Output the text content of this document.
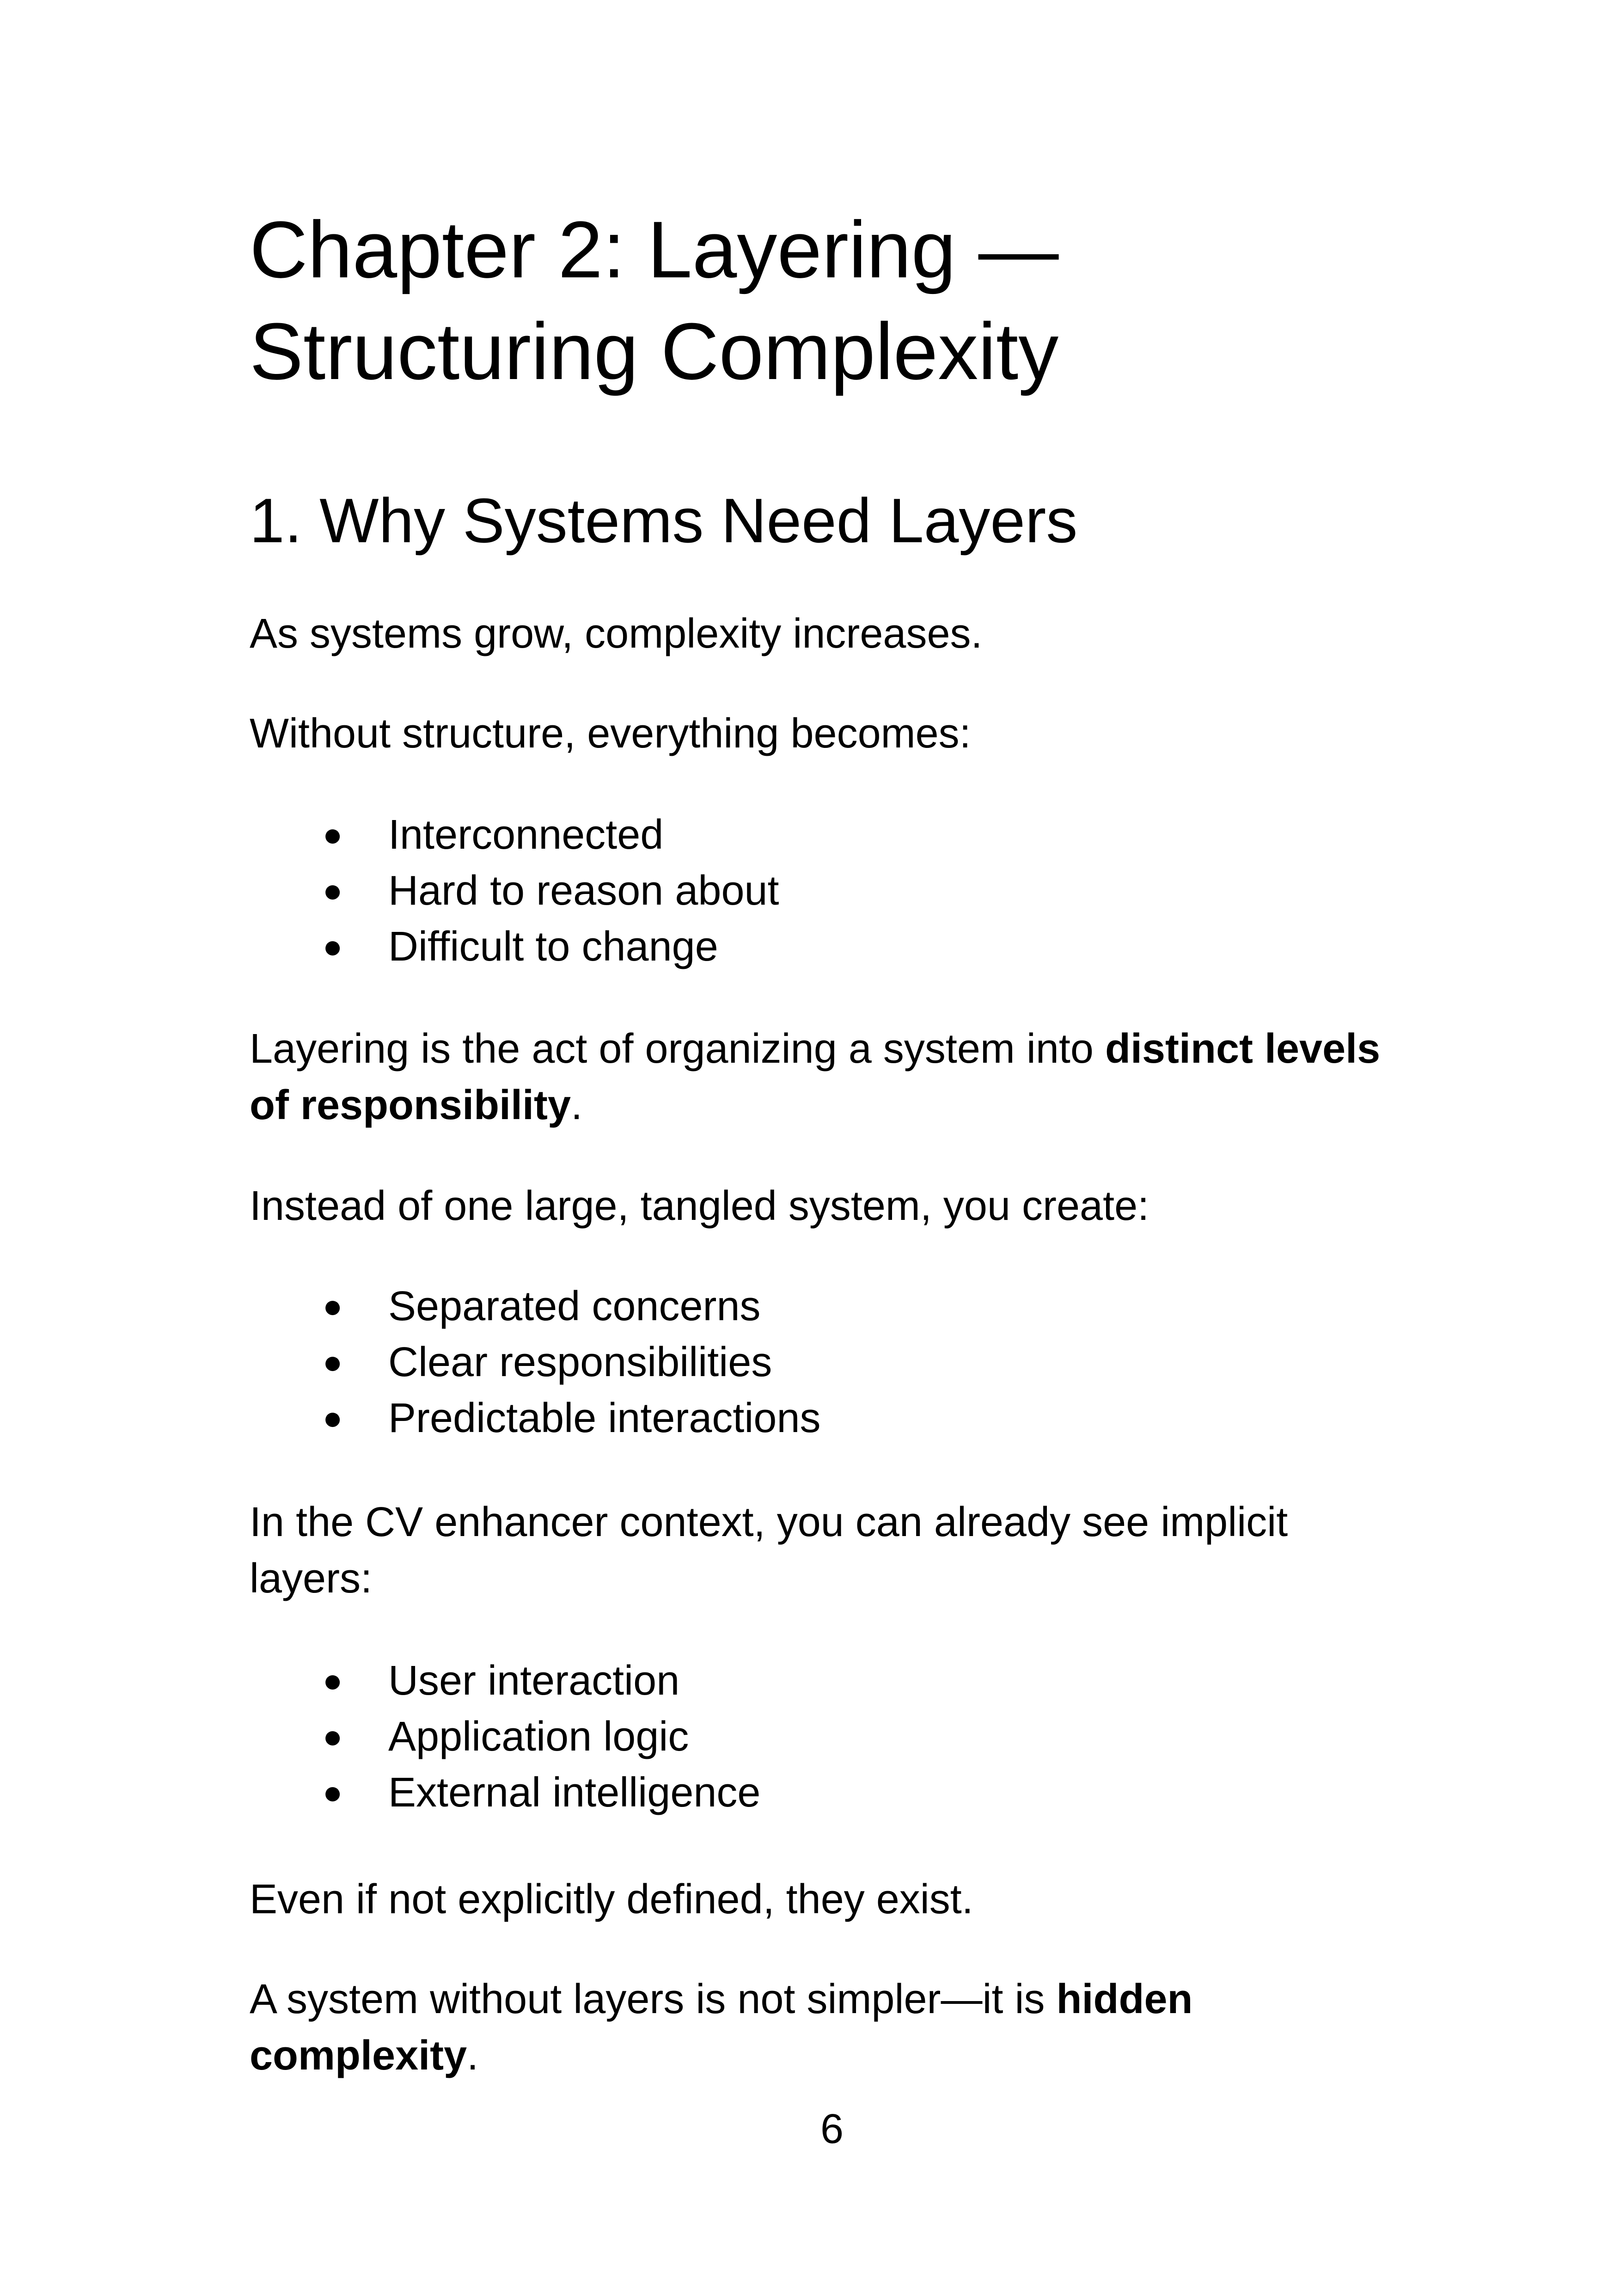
Chapter 2: Layering —
Structuring Complexity
1. Why Systems Need Layers

As systems grow, complexity increases.

Without structure, everything becomes:

● Interconnected
● Hard to reason about
● Difficult to change

Layering is the act of organizing a system into distinct levels of responsibility.

Instead of one large, tangled system, you create:

● Separated concerns
● Clear responsibilities
● Predictable interactions

In the CV enhancer context, you can already see implicit layers:

● User interaction
● Application logic
● External intelligence

Even if not explicitly defined, they exist.

A system without layers is not simpler—it is hidden complexity.

6
